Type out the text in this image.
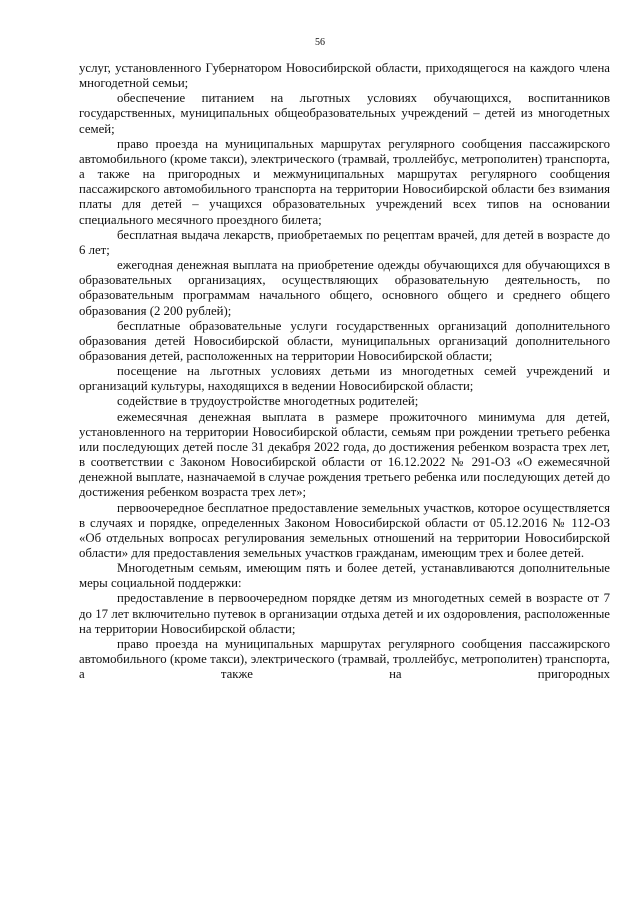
56

услуг, установленного Губернатором Новосибирской области, приходящегося на каждого члена многодетной семьи;

обеспечение питанием на льготных условиях обучающихся, воспитанников государственных, муниципальных общеобразовательных учреждений – детей из многодетных семей;

право проезда на муниципальных маршрутах регулярного сообщения пассажирского автомобильного (кроме такси), электрического (трамвай, троллейбус, метрополитен) транспорта, а также на пригородных и межмуниципальных маршрутах регулярного сообщения пассажирского автомобильного транспорта на территории Новосибирской области без взимания платы для детей – учащихся образовательных учреждений всех типов на основании специального месячного проездного билета;

бесплатная выдача лекарств, приобретаемых по рецептам врачей, для детей в возрасте до 6 лет;

ежегодная денежная выплата на приобретение одежды обучающихся для обучающихся в образовательных организациях, осуществляющих образовательную деятельность, по образовательным программам начального общего, основного общего и среднего общего образования (2 200 рублей);

бесплатные образовательные услуги государственных организаций дополнительного образования детей Новосибирской области, муниципальных организаций дополнительного образования детей, расположенных на территории Новосибирской области;

посещение на льготных условиях детьми из многодетных семей учреждений и организаций культуры, находящихся в ведении Новосибирской области;

содействие в трудоустройстве многодетных родителей;

ежемесячная денежная выплата в размере прожиточного минимума для детей, установленного на территории Новосибирской области, семьям при рождении третьего ребенка или последующих детей после 31 декабря 2022 года, до достижения ребенком возраста трех лет, в соответствии с Законом Новосибирской области от 16.12.2022 № 291-ОЗ «О ежемесячной денежной выплате, назначаемой в случае рождения третьего ребенка или последующих детей до достижения ребенком возраста трех лет»;

первоочередное бесплатное предоставление земельных участков, которое осуществляется в случаях и порядке, определенных Законом Новосибирской области от 05.12.2016 № 112-ОЗ «Об отдельных вопросах регулирования земельных отношений на территории Новосибирской области» для предоставления земельных участков гражданам, имеющим трех и более детей.

Многодетным семьям, имеющим пять и более детей, устанавливаются дополнительные меры социальной поддержки:

предоставление в первоочередном порядке детям из многодетных семей в возрасте от 7 до 17 лет включительно путевок в организации отдыха детей и их оздоровления, расположенные на территории Новосибирской области;

право проезда на муниципальных маршрутах регулярного сообщения пассажирского автомобильного (кроме такси), электрического (трамвай, троллейбус, метрополитен) транспорта, а также на пригородных
